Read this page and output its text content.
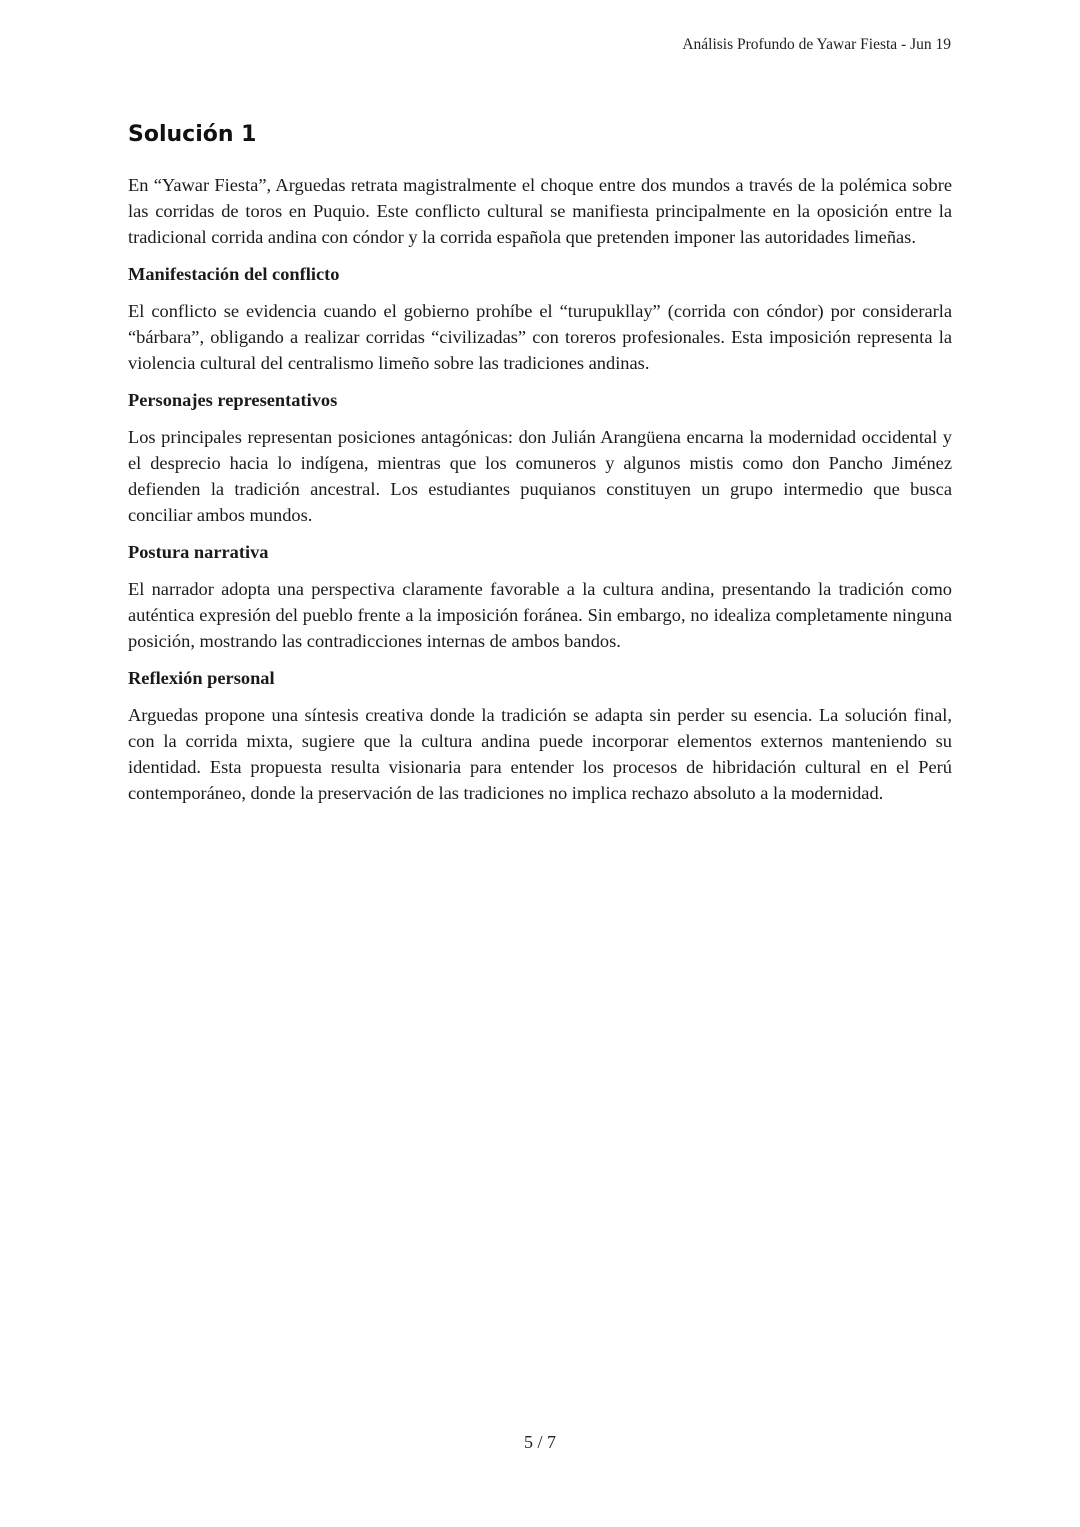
Análisis Profundo de Yawar Fiesta - Jun 19
Solución 1

En “Yawar Fiesta”, Arguedas retrata magistralmente el choque entre dos mundos a través de la polémica sobre las corridas de toros en Puquio. Este conflicto cultural se manifiesta principalmente en la oposición entre la tradicional corrida andina con cóndor y la corrida española que pretenden imponer las autoridades limeñas.

Manifestación del conflicto

El conflicto se evidencia cuando el gobierno prohíbe el “turupukllay” (corrida con cóndor) por considerarla “bárbara”, obligando a realizar corridas “civilizadas” con toreros profesionales. Esta imposición representa la violencia cultural del centralismo limeño sobre las tradiciones andinas.

Personajes representativos

Los principales representan posiciones antagónicas: don Julián Arangüena encarna la modernidad occidental y el desprecio hacia lo indígena, mientras que los comuneros y algunos mistis como don Pancho Jiménez defienden la tradición ancestral. Los estudiantes puquianos constituyen un grupo intermedio que busca conciliar ambos mundos.

Postura narrativa

El narrador adopta una perspectiva claramente favorable a la cultura andina, presentando la tradición como auténtica expresión del pueblo frente a la imposición foránea. Sin embargo, no idealiza completamente ninguna posición, mostrando las contradicciones internas de ambos bandos.

Reflexión personal

Arguedas propone una síntesis creativa donde la tradición se adapta sin perder su esencia. La solución final, con la corrida mixta, sugiere que la cultura andina puede incorporar elementos externos manteniendo su identidad. Esta propuesta resulta visionaria para entender los procesos de hibridación cultural en el Perú contemporáneo, donde la preservación de las tradiciones no implica rechazo absoluto a la modernidad.

5 / 7
